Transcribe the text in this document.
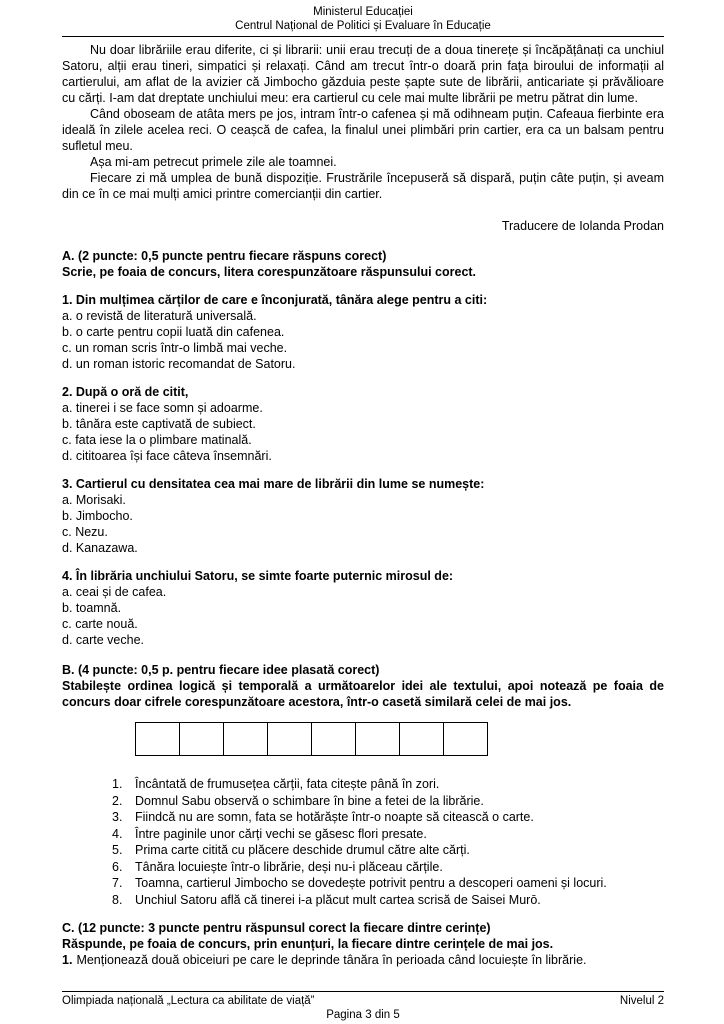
Ministerul Educației
Centrul Național de Politici și Evaluare în Educație

Nu doar librăriile erau diferite, ci și librarii: unii erau trecuți de a doua tinerețe și încăpățânați ca unchiul Satoru, alții erau tineri, simpatici și relaxați. Când am trecut într-o doară prin fața biroului de informații al cartierului, am aflat de la avizier că Jimbocho găzduia peste șapte sute de librării, anticariate și prăvălioare cu cărți. I-am dat dreptate unchiului meu: era cartierul cu cele mai multe librării pe metru pătrat din lume.

Când oboseam de atâta mers pe jos, intram într-o cafenea și mă odihneam puțin. Cafeaua fierbinte era ideală în zilele acelea reci. O ceașcă de cafea, la finalul unei plimbări prin cartier, era ca un balsam pentru sufletul meu.

Așa mi-am petrecut primele zile ale toamnei.

Fiecare zi mă umplea de bună dispoziție. Frustrările începuseră să dispară, puțin câte puțin, și aveam din ce în ce mai mulți amici printre comercianții din cartier.

Traducere de Iolanda Prodan

A. (2 puncte: 0,5 puncte pentru fiecare răspuns corect)

Scrie, pe foaia de concurs, litera corespunzătoare răspunsului corect.

1. Din mulțimea cărților de care e înconjurată, tânăra alege pentru a citi:

a. o revistă de literatură universală.

b. o carte pentru copii luată din cafenea.

c. un roman scris într-o limbă mai veche.

d. un roman istoric recomandat de Satoru.

2. După o oră de citit,

a. tinerei i se face somn și adoarme.

b. tânăra este captivată de subiect.

c. fata iese la o plimbare matinală.

d. cititoarea își face câteva însemnări.

3. Cartierul cu densitatea cea mai mare de librării din lume se numește:

a. Morisaki.

b. Jimbocho.

c. Nezu.

d. Kanazawa.

4. În librăria unchiului Satoru, se simte foarte puternic mirosul de:

a. ceai și de cafea.

b. toamnă.

c. carte nouă.

d. carte veche.

B. (4 puncte: 0,5 p. pentru fiecare idee plasată corect)

Stabilește ordinea logică și temporală a următoarelor idei ale textului, apoi notează pe foaia de concurs doar cifrele corespunzătoare acestora, într-o casetă similară celei de mai jos.

1.	Încântată de frumusețea cărții, fata citește până în zori.
2.	Domnul Sabu observă o schimbare în bine a fetei de la librărie.
3.	Fiindcă nu are somn, fata se hotărăște într-o noapte să citească o carte.
4.	Între paginile unor cărți vechi se găsesc flori presate.
5.	Prima carte citită cu plăcere deschide drumul către alte cărți.
6.	Tânăra locuiește într-o librărie, deși nu-i plăceau cărțile.
7.	Toamna, cartierul Jimbocho se dovedește potrivit pentru a descoperi oameni și locuri.
8.	Unchiul Satoru află că tinerei i-a plăcut mult cartea scrisă de Saisei Murō.

C. (12 puncte: 3 puncte pentru răspunsul corect la fiecare dintre cerințe)

Răspunde, pe foaia de concurs, prin enunțuri, la fiecare dintre cerințele de mai jos.

1. Menționează două obiceiuri pe care le deprinde tânăra în perioada când locuiește în librărie.

Olimpiada națională „Lectura ca abilitate de viață”	Nivelul 2
Pagina 3 din 5
